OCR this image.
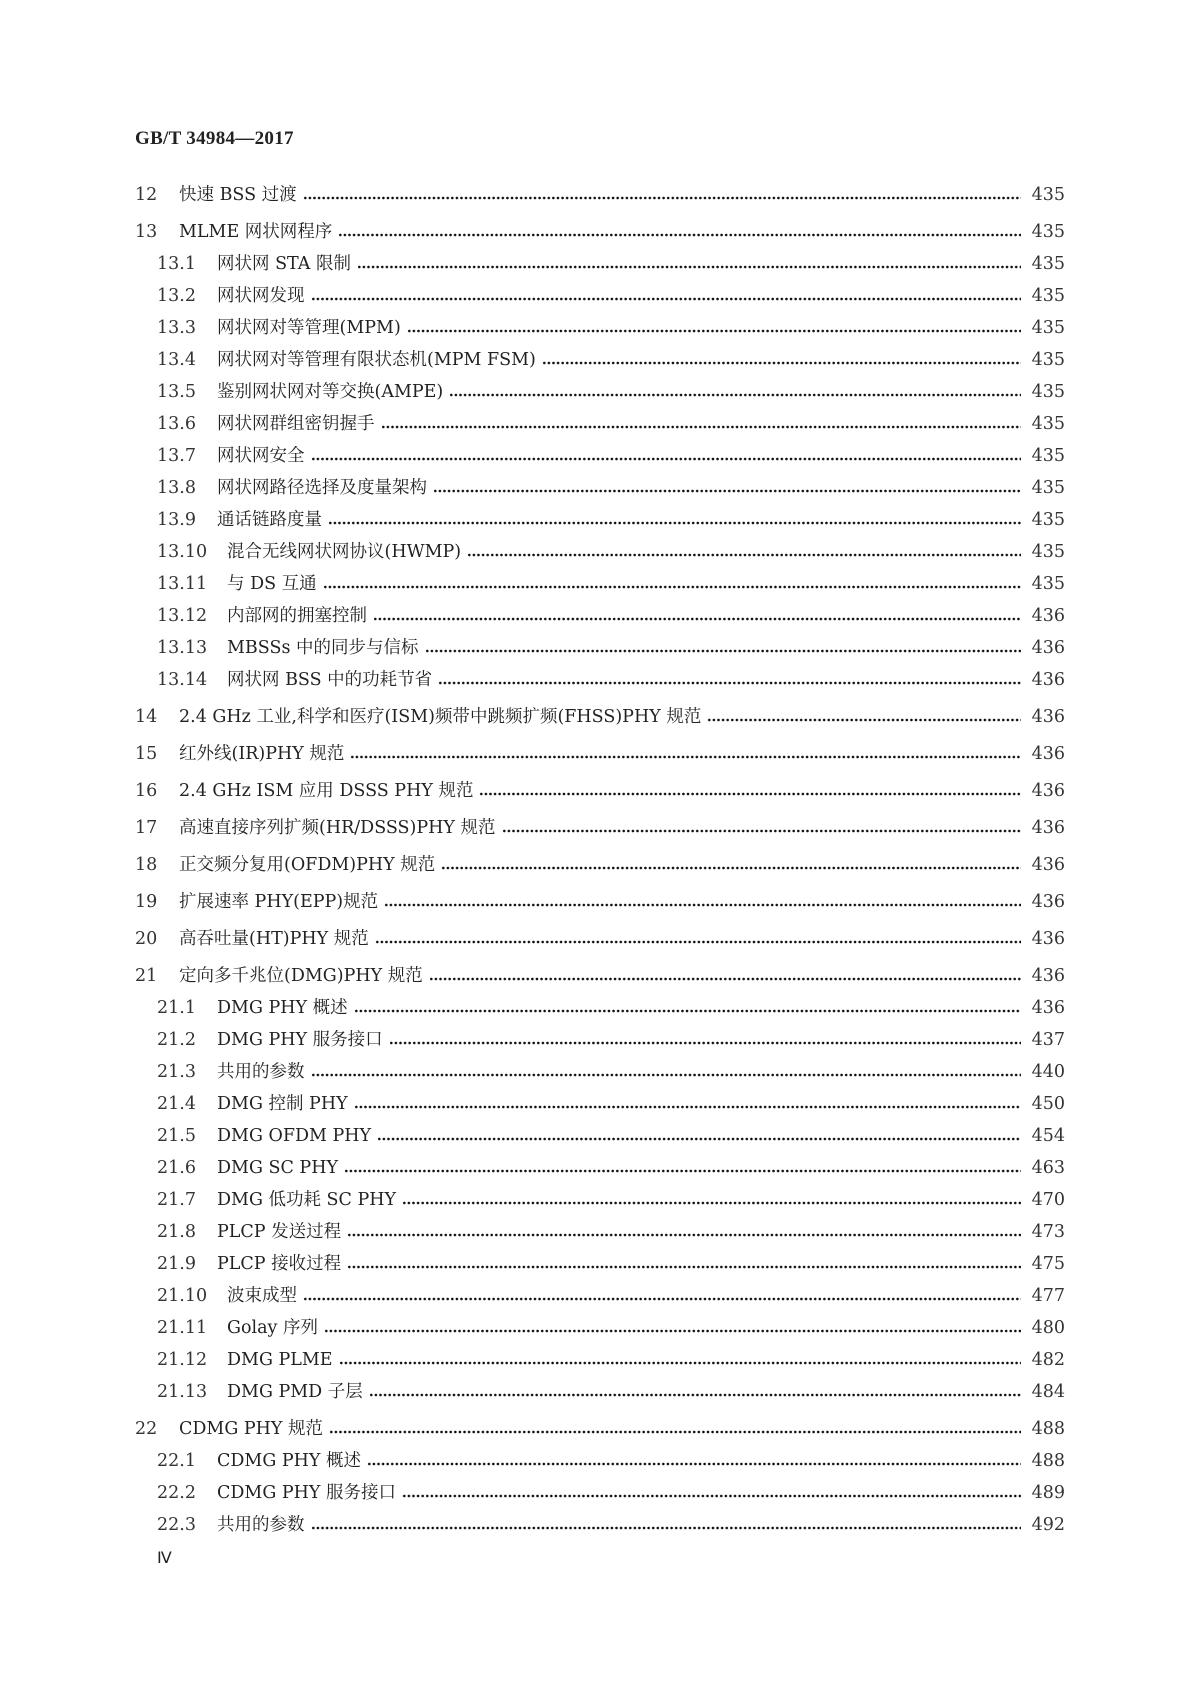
GB/T 34984—2017
12 快速 BSS 过渡	435
13 MLME 网状网程序	435
13.1 网状网 STA 限制	435
13.2 网状网发现	435
13.3 网状网对等管理(MPM)	435
13.4 网状网对等管理有限状态机(MPM FSM)	435
13.5 鉴别网状网对等交换(AMPE)	435
13.6 网状网群组密钥握手	435
13.7 网状网安全	435
13.8 网状网路径选择及度量架构	435
13.9 通话链路度量	435
13.10 混合无线网状网协议(HWMP)	435
13.11 与 DS 互通	435
13.12 内部网的拥塞控制	436
13.13 MBSSs 中的同步与信标	436
13.14 网状网 BSS 中的功耗节省	436
14 2.4 GHz 工业,科学和医疗(ISM)频带中跳频扩频(FHSS)PHY 规范	436
15 红外线(IR)PHY 规范	436
16 2.4 GHz ISM 应用 DSSS PHY 规范	436
17 高速直接序列扩频(HR/DSSS)PHY 规范	436
18 正交频分复用(OFDM)PHY 规范	436
19 扩展速率 PHY(EPP)规范	436
20 高吞吐量(HT)PHY 规范	436
21 定向多千兆位(DMG)PHY 规范	436
21.1 DMG PHY 概述	436
21.2 DMG PHY 服务接口	437
21.3 共用的参数	440
21.4 DMG 控制 PHY	450
21.5 DMG OFDM PHY	454
21.6 DMG SC PHY	463
21.7 DMG 低功耗 SC PHY	470
21.8 PLCP 发送过程	473
21.9 PLCP 接收过程	475
21.10 波束成型	477
21.11 Golay 序列	480
21.12 DMG PLME	482
21.13 DMG PMD 子层	484
22 CDMG PHY 规范	488
22.1 CDMG PHY 概述	488
22.2 CDMG PHY 服务接口	489
22.3 共用的参数	492
Ⅳ
